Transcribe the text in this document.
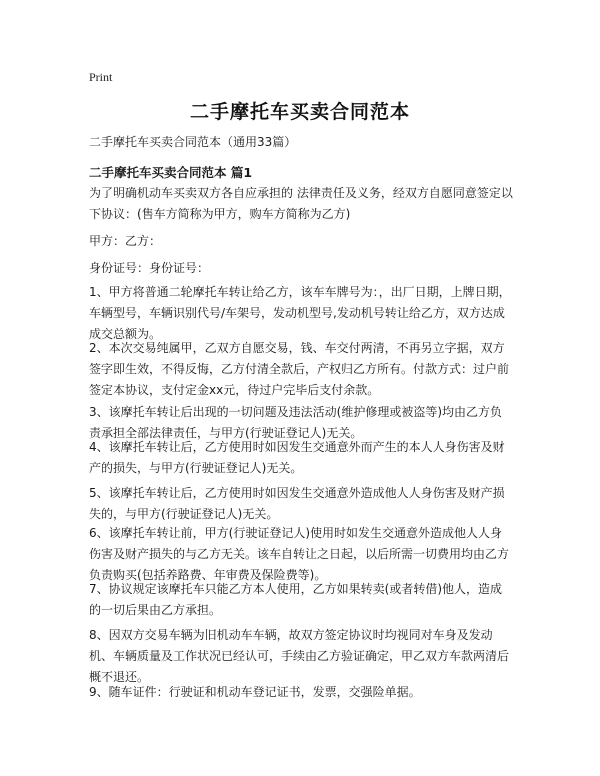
Print
二手摩托车买卖合同范本
二手摩托车买卖合同范本（通用33篇）
二手摩托车买卖合同范本 篇1

为了明确机动车买卖双方各自应承担的 法律责任及义务，经双方自愿同意签定以下协议：(售车方简称为甲方，购车方简称为乙方)

甲方：乙方：

身份证号：身份证号：

1、甲方将普通二轮摩托车转让给乙方，该车车牌号为：，出厂日期，上牌日期，车辆型号，车辆识别代号/车架号，发动机型号,发动机号转让给乙方，双方达成成交总额为。

2、本次交易纯属甲，乙双方自愿交易，钱、车交付两清，不再另立字据，双方签字即生效，不得反悔，乙方付清全款后，产权归乙方所有。付款方式：过户前签定本协议，支付定金xx元，待过户完毕后支付余款。

3、该摩托车转让后出现的一切问题及违法活动(维护修理或被盗等)均由乙方负责承担全部法律责任，与甲方(行驶证登记人)无关。

4、该摩托车转让后，乙方使用时如因发生交通意外而产生的本人人身伤害及财产的损失，与甲方(行驶证登记人)无关。

5、该摩托车转让后，乙方使用时如因发生交通意外造成他人人身伤害及财产损失的，与甲方(行驶证登记人)无关。

6、该摩托车转让前，甲方(行驶证登记人)使用时如发生交通意外造成他人人身伤害及财产损失的与乙方无关。该车自转让之日起，以后所需一切费用均由乙方负责购买(包括养路费、年审费及保险费等)。

7、协议规定该摩托车只能乙方本人使用，乙方如果转卖(或者转借)他人，造成的一切后果由乙方承担。

8、因双方交易车辆为旧机动车车辆，故双方签定协议时均视同对车身及发动机、车辆质量及工作状况已经认可，手续由乙方验证确定，甲乙双方车款两清后概不退还。

9、随车证件：行驶证和机动车登记证书，发票，交强险单据。
